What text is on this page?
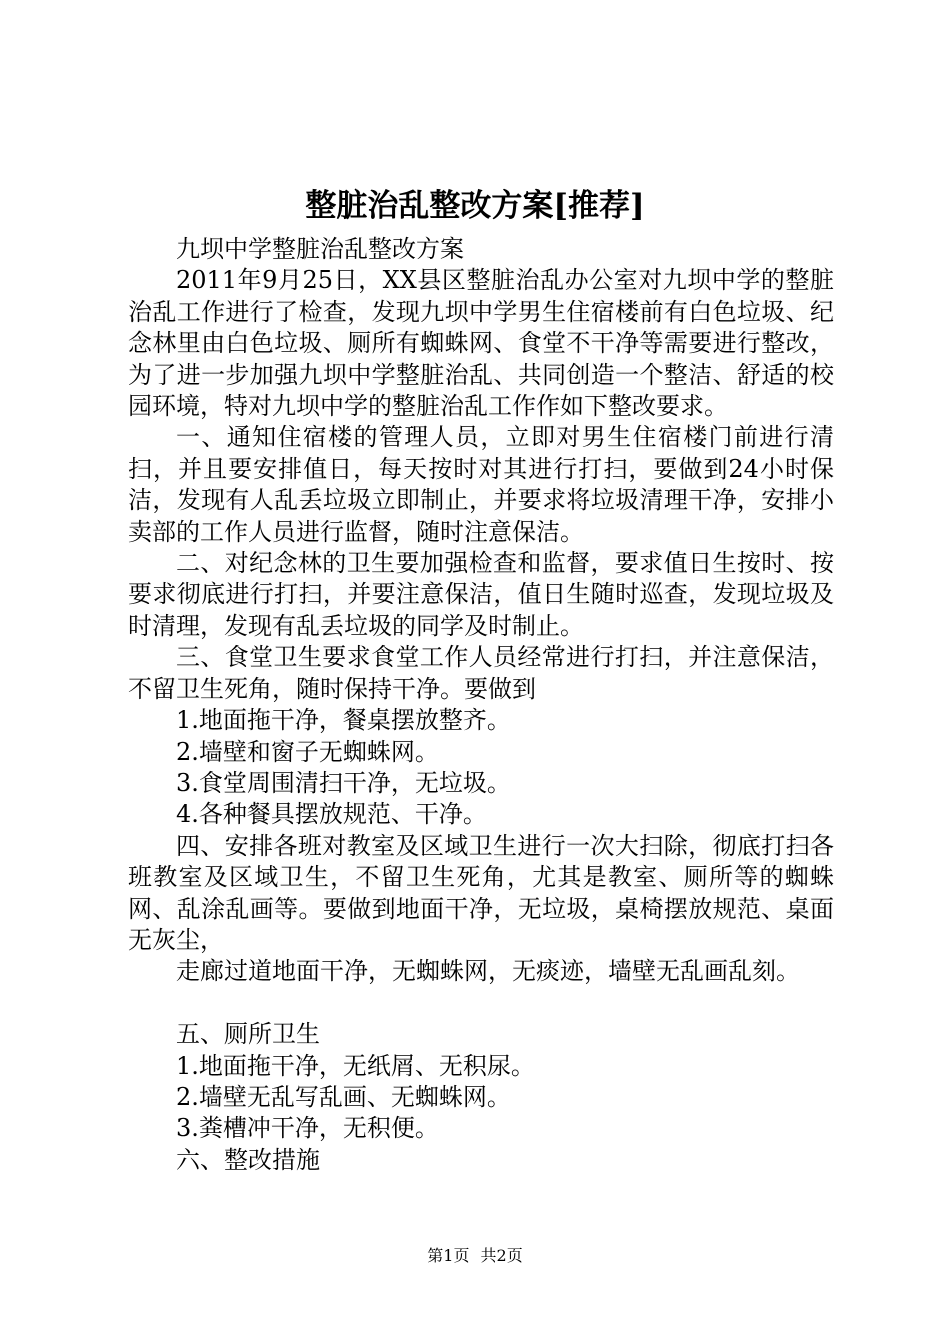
整脏治乱整改方案[推荐]

九坝中学整脏治乱整改方案

2011年9月25日，XX县区整脏治乱办公室对九坝中学的整脏治乱工作进行了检查，发现九坝中学男生住宿楼前有白色垃圾、纪念林里由白色垃圾、厕所有蜘蛛网、食堂不干净等需要进行整改，为了进一步加强九坝中学整脏治乱、共同创造一个整洁、舒适的校园环境，特对九坝中学的整脏治乱工作作如下整改要求。

一、通知住宿楼的管理人员，立即对男生住宿楼门前进行清扫，并且要安排值日，每天按时对其进行打扫，要做到24小时保洁，发现有人乱丢垃圾立即制止，并要求将垃圾清理干净，安排小卖部的工作人员进行监督，随时注意保洁。

二、对纪念林的卫生要加强检查和监督，要求值日生按时、按要求彻底进行打扫，并要注意保洁，值日生随时巡查，发现垃圾及时清理，发现有乱丢垃圾的同学及时制止。

三、食堂卫生要求食堂工作人员经常进行打扫，并注意保洁，不留卫生死角，随时保持干净。要做到

1.地面拖干净，餐桌摆放整齐。

2.墙壁和窗子无蜘蛛网。

3.食堂周围清扫干净，无垃圾。

4.各种餐具摆放规范、干净。

四、安排各班对教室及区域卫生进行一次大扫除，彻底打扫各班教室及区域卫生，不留卫生死角，尤其是教室、厕所等的蜘蛛网、乱涂乱画等。要做到地面干净，无垃圾，桌椅摆放规范、桌面无灰尘，

走廊过道地面干净，无蜘蛛网，无痰迹，墙壁无乱画乱刻。

五、厕所卫生

1.地面拖干净，无纸屑、无积尿。

2.墙壁无乱写乱画、无蜘蛛网。

3.粪槽冲干净，无积便。

六、整改措施

第1页 共2页
